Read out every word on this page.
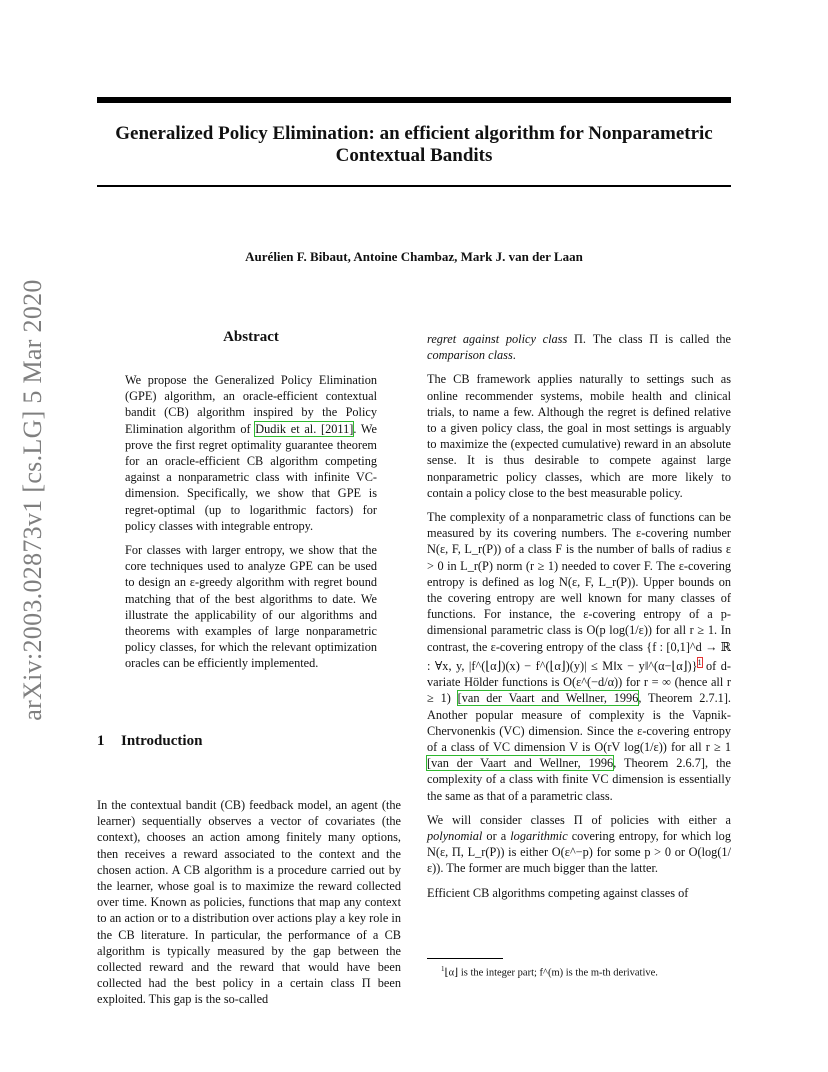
Generalized Policy Elimination: an efficient algorithm for Nonparametric
Contextual Bandits
Aurélien F. Bibaut, Antoine Chambaz, Mark J. van der Laan
arXiv:2003.02873v1 [cs.LG] 5 Mar 2020	Abstract

We propose the Generalized Policy Elimination (GPE) algorithm, an oracle-efficient contextual bandit (CB) algorithm inspired by the Policy Elimination algorithm of Dudik et al. [2011]. We prove the first regret optimality guarantee theorem for an oracle-efficient CB algorithm competing against a nonparametric class with infinite VC-dimension. Specifically, we show that GPE is regret-optimal (up to logarithmic factors) for policy classes with integrable entropy.

For classes with larger entropy, we show that the core techniques used to analyze GPE can be used to design an ε-greedy algorithm with regret bound matching that of the best algorithms to date. We illustrate the applicability of our algorithms and theorems with examples of large nonparametric policy classes, for which the relevant optimization oracles can be efficiently implemented.

1 Introduction

In the contextual bandit (CB) feedback model, an agent (the learner) sequentially observes a vector of covariates (the context), chooses an action among finitely many options, then receives a reward associated to the context and the chosen action. A CB algorithm is a procedure carried out by the learner, whose goal is to maximize the reward collected over time. Known as policies, functions that map any context to an action or to a distribution over actions play a key role in the CB literature. In particular, the performance of a CB algorithm is typically measured by the gap between the collected reward and the reward that would have been collected had the best policy in a certain class Π been exploited. This gap is the so-called

regret against policy class Π. The class Π is called the comparison class.

The CB framework applies naturally to settings such as online recommender systems, mobile health and clinical trials, to name a few. Although the regret is defined relative to a given policy class, the goal in most settings is arguably to maximize the (expected cumulative) reward in an absolute sense. It is thus desirable to compete against large nonparametric policy classes, which are more likely to contain a policy close to the best measurable policy.

The complexity of a nonparametric class of functions can be measured by its covering numbers. The ε-covering number N(ε, F, L_r(P)) of a class F is the number of balls of radius ε > 0 in L_r(P) norm (r ≥ 1) needed to cover F. The ε-covering entropy is defined as log N(ε, F, L_r(P)). Upper bounds on the covering entropy are well known for many classes of functions. For instance, the ε-covering entropy of a p-dimensional parametric class is O(p log(1/ε)) for all r ≥ 1. In contrast, the ε-covering entropy of the class {f : [0,1]^d → ℝ : ∀x, y, |f^(⌊α⌋)(x) − f^(⌊α⌋)(y)| ≤ M‖x − y‖^(α−⌊α⌋)}$^1$ of d-variate Hölder functions is O(ε^(−d/α)) for r = ∞ (hence all r ≥ 1) [van der Vaart and Wellner, 1996, Theorem 2.7.1]. Another popular measure of complexity is the Vapnik-Chervonenkis (VC) dimension. Since the ε-covering entropy of a class of VC dimension V is O(rV log(1/ε)) for all r ≥ 1 [van der Vaart and Wellner, 1996, Theorem 2.6.7], the complexity of a class with finite VC dimension is essentially the same as that of a parametric class.

We will consider classes Π of policies with either a polynomial or a logarithmic covering entropy, for which log N(ε, Π, L_r(P)) is either O(ε^−p) for some p > 0 or O(log(1/ε)). The former are much bigger than the latter.

Efficient CB algorithms competing against classes of

$^1$⌊α⌋ is the integer part; f^(m) is the m-th derivative.
